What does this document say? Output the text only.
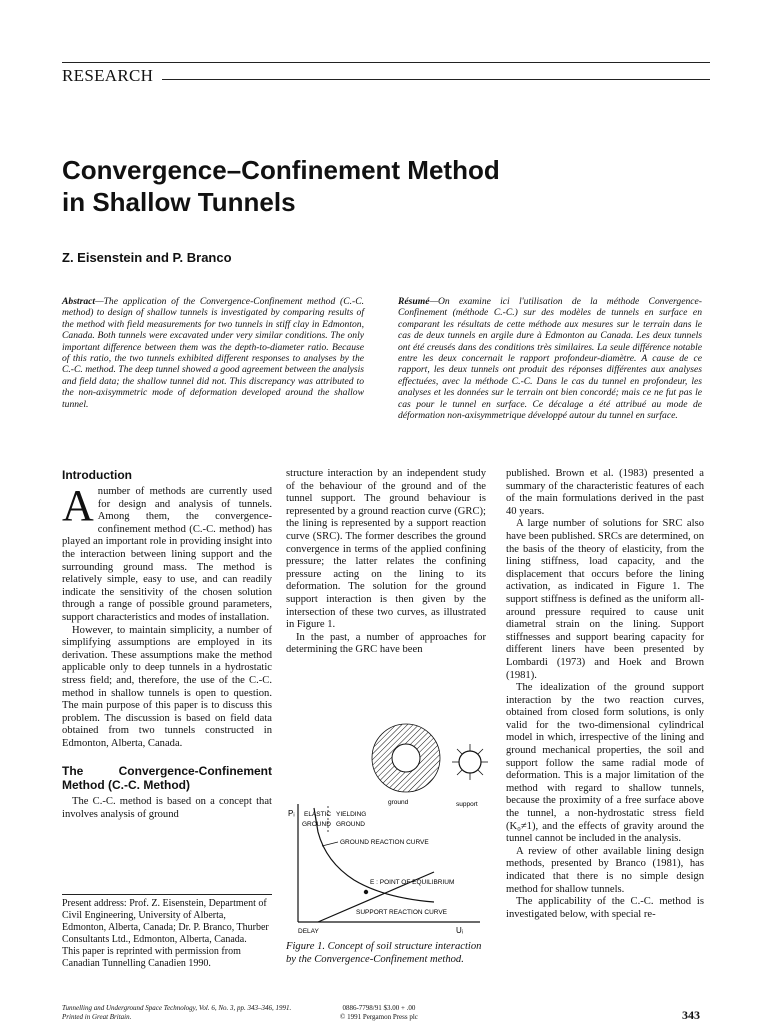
RESEARCH
Convergence–Confinement Method
in Shallow Tunnels
Z. Eisenstein and P. Branco

Abstract—The application of the Convergence-Confinement method (C.-C. method) to design of shallow tunnels is investigated by comparing results of the method with field measurements for two tunnels in stiff clay in Edmonton, Canada. Both tunnels were excavated under very similar conditions. The only important difference between them was the depth-to-diameter ratio. Because of this ratio, the two tunnels exhibited different responses to analyses by the C.-C. method. The deep tunnel showed a good agreement between the analysis and field data; the shallow tunnel did not. This discrepancy was attributed to the non-axisymmetric mode of deformation developed around the shallow tunnel.

Résumé—On examine ici l'utilisation de la méthode Convergence-Confinement (méthode C.-C.) sur des modèles de tunnels en surface en comparant les résultats de cette méthode aux mesures sur le terrain dans le cas de deux tunnels en argile dure à Edmonton au Canada. Les deux tunnels ont été creusés dans des conditions très similaires. La seule différence notable entre les deux concernait le rapport profondeur-diamètre. A cause de ce rapport, les deux tunnels ont produit des réponses différentes aux analyses effectuées, avec la méthode C.-C. Dans le cas du tunnel en profondeur, les analyses et les données sur le terrain ont bien concordé; mais ce ne fut pas le cas pour le tunnel en surface. Ce décalage a été attribué au mode de déformation non-axisymmetrique développé autour du tunnel en surface.

Introduction

Anumber of methods are currently used for design and analysis of tunnels. Among them, the convergence-confinement method (C.-C. method) has played an important role in providing insight into the interaction between lining support and the surrounding ground mass. The method is relatively simple, easy to use, and can readily indicate the sensitivity of the chosen solution through a range of possible ground parameters, support characteristics and modes of installation.

However, to maintain simplicity, a number of simplifying assumptions are employed in its derivation. These assumptions make the method applicable only to deep tunnels in a hydrostatic stress field; and, therefore, the use of the C.-C. method in shallow tunnels is open to question. The main purpose of this paper is to discuss this problem. The discussion is based on field data obtained from two tunnels constructed in Edmonton, Alberta, Canada.

The Convergence-Confinement Method (C.-C. Method)

The C.-C. method is based on a concept that involves analysis of ground

Present address: Prof. Z. Eisenstein, Department of Civil Engineering, University of Alberta, Edmonton, Alberta, Canada; Dr. P. Branco, Thurber Consultants Ltd., Edmonton, Alberta, Canada.
This paper is reprinted with permission from Canadian Tunnelling Canadien 1990.

structure interaction by an independent study of the behaviour of the ground and of the tunnel support. The ground behaviour is represented by a ground reaction curve (GRC); the lining is represented by a support reaction curve (SRC). The former describes the ground convergence in terms of the applied confining pressure; the latter relates the confining pressure acting on the lining to its deformation. The solution for the ground support interaction is then given by the intersection of these two curves, as illustrated in Figure 1.

In the past, a number of approaches for determining the GRC have been

Pᵢ
Uᵢ
DELAY
ELASTIC YIELDING
GROUND GROUND
GROUND REACTION CURVE
SUPPORT REACTION CURVE
E : POINT OF EQUILIBRIUM
ground	support
Figure 1. Concept of soil structure interaction by the Convergence-Confinement method.

published. Brown et al. (1983) presented a summary of the characteristic features of each of the main formulations derived in the past 40 years.

A large number of solutions for SRC also have been published. SRCs are determined, on the basis of the theory of elasticity, from the lining stiffness, load capacity, and the displacement that occurs before the lining activation, as indicated in Figure 1. The support stiffness is defined as the uniform all-around pressure required to cause unit diametral strain on the lining. Support stiffnesses and support bearing capacity for different liners have been presented by Lombardi (1973) and Hoek and Brown (1981).

The idealization of the ground support interaction by the two reaction curves, obtained from closed form solutions, is only valid for the two-dimensional cylindrical model in which, irrespective of the lining and ground mechanical properties, the soil and support follow the same radial mode of deformation. This is a major limitation of the method with regard to shallow tunnels, because the proximity of a free surface above the tunnel, a non-hydrostatic stress field (K₀≠1), and the effects of gravity around the tunnel cannot be included in the analysis.

A review of other available lining design methods, presented by Branco (1981), has indicated that there is no simple design method for shallow tunnels.

The applicability of the C.-C. method is investigated below, with special re-

Tunnelling and Underground Space Technology, Vol. 6, No. 3, pp. 343–346, 1991.
Printed in Great Britain.
0886-7798/91 $3.00 + .00
© 1991 Pergamon Press plc	343
